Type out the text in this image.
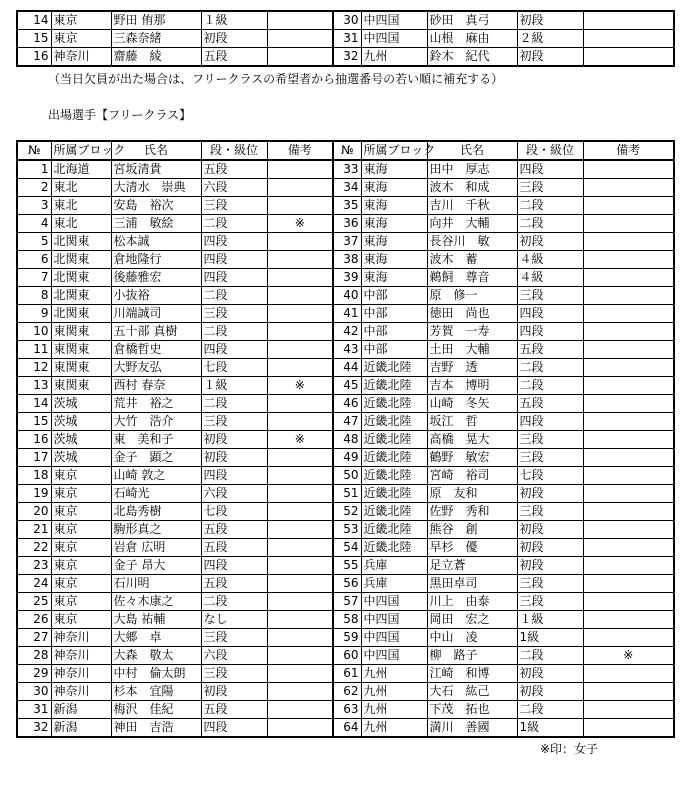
14	東京	野田 侑那	１級		30	中四国	砂田　真弓	初段	
15	東京	三森奈緒	初段		31	中四国	山根　麻由	２級	
16	神奈川	齋藤　綾	五段		32	九州	鈴木　紀代	初段	
（当日欠員が出た場合は、フリークラスの希望者から抽選番号の若い順に補充する）
出場選手【フリークラス】
№	所属ブロック	氏名	段・級位	備考	№	所属ブロック	氏名	段・級位	備考
1	北海道	宮坂清貴	五段		33	東海	田中　厚志	四段	
2	東北	大清水　崇典	六段		34	東海	波木　和成	三段	
3	東北	安島　裕次	三段		35	東海	吉川　千秋	二段	
4	東北	三浦　敏絵	二段	※	36	東海	向井　大輔	二段	
5	北関東	松本誠	四段		37	東海	長谷川　敏	初段	
6	北関東	倉地隆行	四段		38	東海	波木　蓄	４級	
7	北関東	後藤雅宏	四段		39	東海	鵜飼　尊音	４級	
8	北関東	小抜裕	二段		40	中部	原　修一	三段	
9	北関東	川端誠司	三段		41	中部	徳田　尚也	四段	
10	東関東	五十部 真樹	二段		42	中部	芳賀　一寿	四段	
11	東関東	倉橋哲史	四段		43	中部	土田　大輔	五段	
12	東関東	大野友弘	七段		44	近畿北陸	吉野　透	二段	
13	東関東	西村 春奈	１級	※	45	近畿北陸	吉本　博明	二段	
14	茨城	荒井　裕之	二段		46	近畿北陸	山崎　冬矢	五段	
15	茨城	大竹　浩介	三段		47	近畿北陸	坂江　哲	四段	
16	茨城	東　美和子	初段	※	48	近畿北陸	高橋　晃大	三段	
17	茨城	金子　顕之	初段		49	近畿北陸	鶴野　敏宏	三段	
18	東京	山崎 敦之	四段		50	近畿北陸	宮崎　裕司	七段	
19	東京	石崎光	六段		51	近畿北陸	原　友和	初段	
20	東京	北島秀樹	七段		52	近畿北陸	佐野　秀和	三段	
21	東京	駒形真之	五段		53	近畿北陸	熊谷　創	初段	
22	東京	岩倉 広明	五段		54	近畿北陸	早杉　優	初段	
23	東京	金子 昂大	四段		55	兵庫	足立蒼	初段	
24	東京	石川明	五段		56	兵庫	黒田卓司	三段	
25	東京	佐々木康之	二段		57	中四国	川上　由泰	三段	
26	東京	大島 祐輔	なし		58	中四国	岡田　宏之	１級	
27	神奈川	大郷　卓	三段		59	中四国	中山　凌	1級	
28	神奈川	大森　敬太	六段		60	中四国	柳　路子	二段	※
29	神奈川	中村　倫太朗	三段		61	九州	江崎　和博	初段	
30	神奈川	杉本　宜陽	初段		62	九州	大石　紘己	初段	
31	新潟	梅沢　佳紀	五段		63	九州	下茂　拓也	二段	
32	新潟	神田　吉浩	四段		64	九州	満川　善國	1級	
※印：女子
